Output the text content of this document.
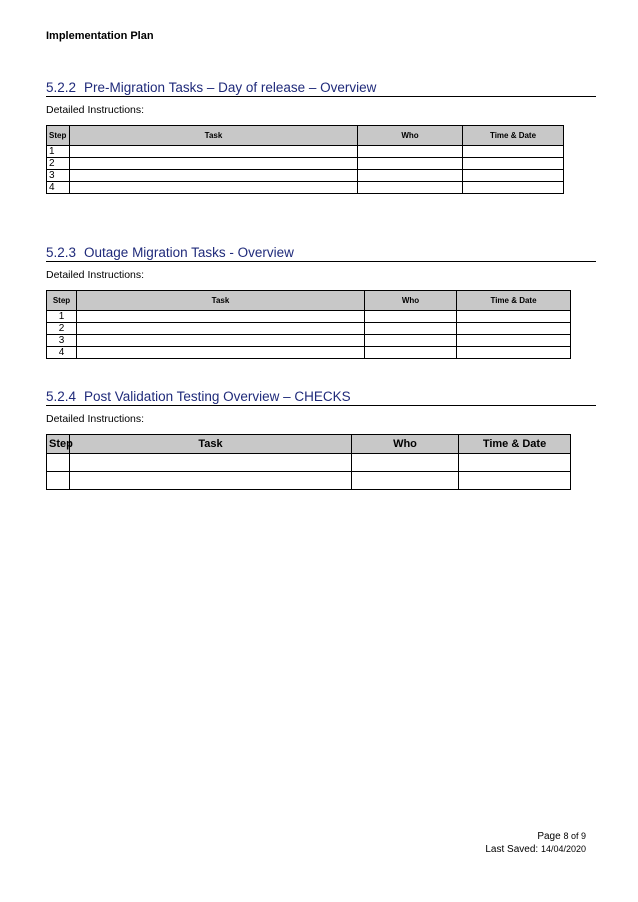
Implementation Plan
5.2.2 Pre-Migration Tasks – Day of release – Overview
Detailed Instructions:
Step	Task	Who	Time & Date
1			
2			
3			
4			
5.2.3 Outage Migration Tasks - Overview
Detailed Instructions:
Step	Task	Who	Time & Date
1			
2			
3			
4			
5.2.4 Post Validation Testing Overview – CHECKS
Detailed Instructions:
Step	Task	Who	Time & Date

Page 8 of 9
Last Saved: 14/04/2020
